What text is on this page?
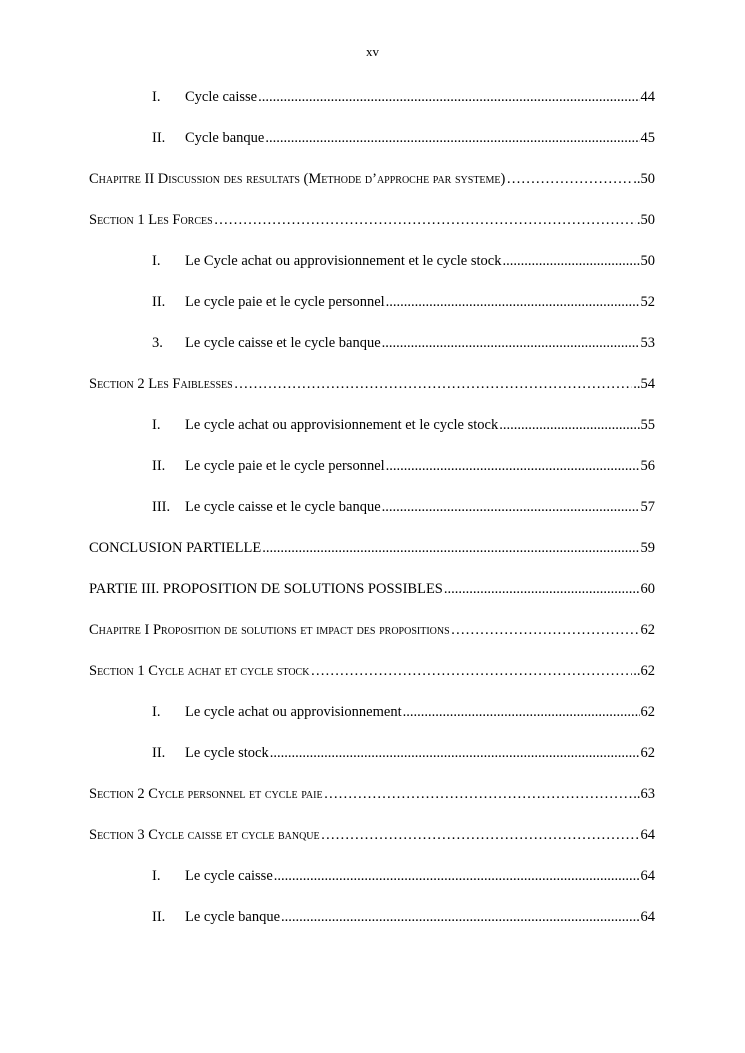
xv
I.	Cycle caisse .....	44
II.	Cycle banque .....	45
Chapitre II Discussion des resultats (Methode d’approche par systeme) …………………………………………………………………………………………………………………………………………………………………………………………………………	..50
Section 1 Les Forces …………………………………………………………………………………………………………………………………………………………………………………………………………	.50
I.	Le Cycle achat ou approvisionnement et le cycle stock .....	50
II.	Le cycle paie et le cycle personnel .....	52
3.	Le cycle caisse et le cycle banque .....	53
Section 2 Les Faiblesses …………………………………………………………………………………………………………………………………………………………………………………………………………	..54
I.	Le cycle achat ou approvisionnement et le cycle stock .....	55
II.	Le cycle paie et le cycle personnel .....	56
III.	Le cycle caisse et le cycle banque .....	57
CONCLUSION PARTIELLE .....	59
PARTIE III. PROPOSITION DE SOLUTIONS POSSIBLES .....	60
Chapitre I Proposition de solutions et impact des propositions …………………………………………………………………………………………………………………………………………………………………………………………………………	62
Section 1 Cycle achat et cycle stock …………………………………………………………………………………………………………………………………………………………………………………………………………	..62
I.	Le cycle achat ou approvisionnement .....	62
II.	Le cycle stock .....	62
Section 2 Cycle personnel et cycle paie …………………………………………………………………………………………………………………………………………………………………………………………………………	..63
Section 3 Cycle caisse et cycle banque …………………………………………………………………………………………………………………………………………………………………………………………………………	64
I.	Le cycle caisse .....	64
II.	Le cycle banque .....	64
